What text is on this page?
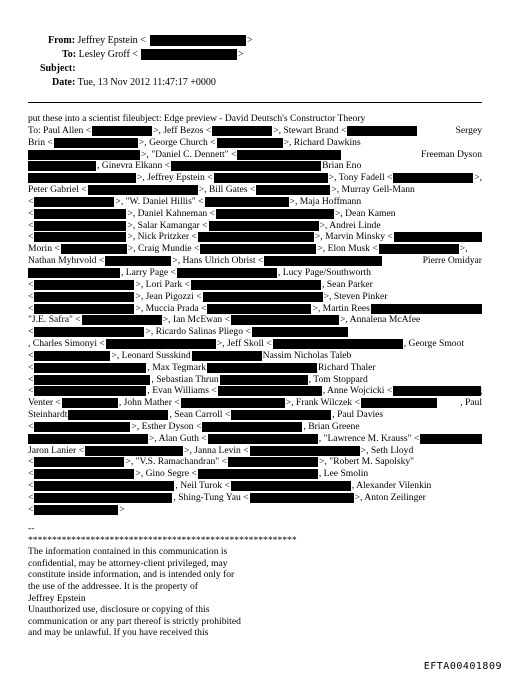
From: Jeffrey Epstein <	>
To: Lesley Groff <	>
Subject:
Date: Tue, 13 Nov 2012 11:47:17 +0000
put these into a scientist fileubject: Edge preview - David Deutsch's Constructor Theory
To: Paul Allen <	>, Jeff Bezos <	>, Stewart Brand <	Sergey
Brin <	>, George Church <	>, Richard Dawkins
>, "Daniel C. Dennett" <	Freeman Dyson
, Ginevra Elkann <	Brian Eno
>, Jeffrey Epstein <	>, Tony Fadell <	>,
Peter Gabriel <	>, Bill Gates <	>, Murray Gell-Mann
<	>, "W. Daniel Hillis" <	>, Maja Hoffmann
<	>, Daniel Kahneman <	>, Dean Kamen
<	>, Salar Kamangar <	>, Andrei Linde
<	>, Nick Pritzker <	>, Marvin Minsky <	>, Dave
Morin <	>, Craig Mundie <	>, Elon Musk <	>,
Nathan Myhrvold <	>, Hans Ulrich Obrist <	Pierre Omidyar
, Larry Page <	, Lucy Page/Southworth
<	>, Lori Park <	, Sean Parker
<	>, Jean Pigozzi <	>, Steven Pinker
<	>, Muccia Prada <	>, Martin Rees
"J.E. Safra" <	>, Ian McEwan <	>, Annalena McAfee
<	>, Ricardo Salinas Pliego <
, Charles Simonyi <	>, Jeff Skoll <	, George Smoot
<	>, Leonard Susskind	Nassim Nicholas Taleb
<	, Max Tegmark	Richard Thaler
<	, Sebastian Thrun	, Tom Stoppard
<	, Evan Williams <	, Anne Wojcicki <	>, Craig
Venter <	, John Mather <	>, Frank Wilczek <	, Paul
Steinhardt	, Sean Carroll <	, Paul Davies
<	>, Esther Dyson <	, Brian Greene
>, Alan Guth <	, "Lawrence M. Krauss" <	>,
Jaron Lanier <	>, Janna Levin <	>, Seth Lloyd
<	>, "V.S. Ramachandran" <	>, "Robert M. Sapolsky"
<	>, Gino Segre <	, Lee Smolin
<	, Neil Turok <	, Alexander Vilenkin
<	, Shing-Tung Yau <	>, Anton Zeilinger
<	>
--
********************************************************
The information contained in this communication is
confidential, may be attorney-client privileged, may
constitute inside information, and is intended only for
the use of the addressee. It is the property of
Jeffrey Epstein
Unauthorized use, disclosure or copying of this
communication or any part thereof is strictly prohibited
and may be unlawful. If you have received this
EFTA00401809
